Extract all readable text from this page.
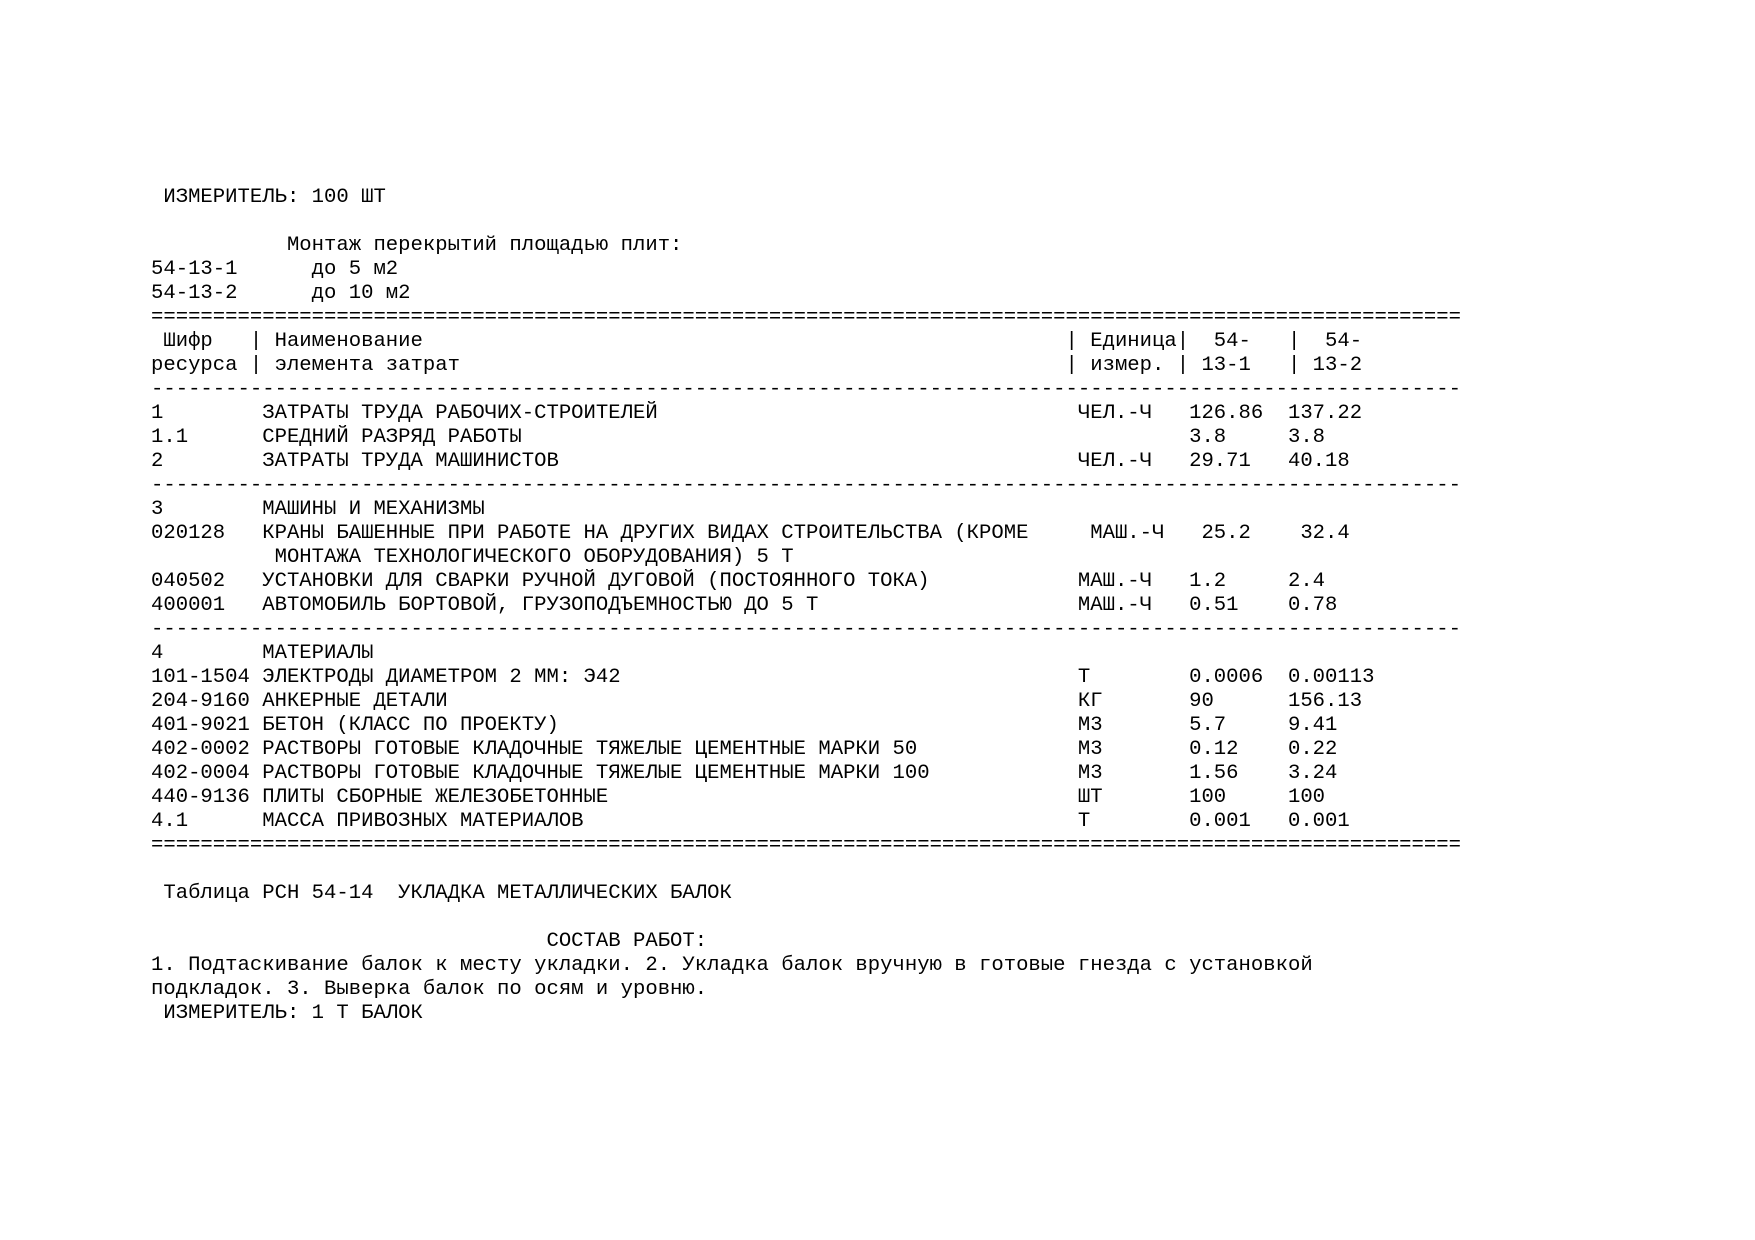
ИЗМЕРИТЕЛЬ: 100 ШТ
Монтаж перекрытий площадью плит:
54-13-1      до 5 м2
54-13-2      до 10 м2
==========================================================================================================
Шифр   | Наименование                                                    | Единица|  54-   |  54-
ресурса | элемента затрат                                                 | измер. | 13-1   | 13-2
----------------------------------------------------------------------------------------------------------
1        ЗАТРАТЫ ТРУДА РАБОЧИХ-СТРОИТЕЛЕЙ                                  ЧЕЛ.-Ч   126.86  137.22
1.1      СРЕДНИЙ РАЗРЯД РАБОТЫ                                                      3.8     3.8
2        ЗАТРАТЫ ТРУДА МАШИНИСТОВ                                          ЧЕЛ.-Ч   29.71   40.18
----------------------------------------------------------------------------------------------------------
3        МАШИНЫ И МЕХАНИЗМЫ
020128   КРАНЫ БАШЕННЫЕ ПРИ РАБОТЕ НА ДРУГИХ ВИДАХ СТРОИТЕЛЬСТВА (КРОМЕ     МАШ.-Ч   25.2    32.4
МОНТАЖА ТЕХНОЛОГИЧЕСКОГО ОБОРУДОВАНИЯ) 5 Т
040502   УСТАНОВКИ ДЛЯ СВАРКИ РУЧНОЙ ДУГОВОЙ (ПОСТОЯННОГО ТОКА)            МАШ.-Ч   1.2     2.4
400001   АВТОМОБИЛЬ БОРТОВОЙ, ГРУЗОПОДЪЕМНОСТЬЮ ДО 5 Т                     МАШ.-Ч   0.51    0.78
----------------------------------------------------------------------------------------------------------
4        МАТЕРИАЛЫ
101-1504 ЭЛЕКТРОДЫ ДИАМЕТРОМ 2 ММ: Э42                                     Т        0.0006  0.00113
204-9160 АНКЕРНЫЕ ДЕТАЛИ                                                   КГ       90      156.13
401-9021 БЕТОН (КЛАСС ПО ПРОЕКТУ)                                          М3       5.7     9.41
402-0002 РАСТВОРЫ ГОТОВЫЕ КЛАДОЧНЫЕ ТЯЖЕЛЫЕ ЦЕМЕНТНЫЕ МАРКИ 50             М3       0.12    0.22
402-0004 РАСТВОРЫ ГОТОВЫЕ КЛАДОЧНЫЕ ТЯЖЕЛЫЕ ЦЕМЕНТНЫЕ МАРКИ 100            М3       1.56    3.24
440-9136 ПЛИТЫ СБОРНЫЕ ЖЕЛЕЗОБЕТОННЫЕ                                      ШТ       100     100
4.1      МАССА ПРИВОЗНЫХ МАТЕРИАЛОВ                                        Т        0.001   0.001
==========================================================================================================
Таблица РСН 54-14  УКЛАДКА МЕТАЛЛИЧЕСКИХ БАЛОК
СОСТАВ РАБОТ:
1. Подтаскивание балок к месту укладки. 2. Укладка балок вручную в готовые гнезда с установкой
подкладок. 3. Выверка балок по осям и уровню.
ИЗМЕРИТЕЛЬ: 1 Т БАЛОК
